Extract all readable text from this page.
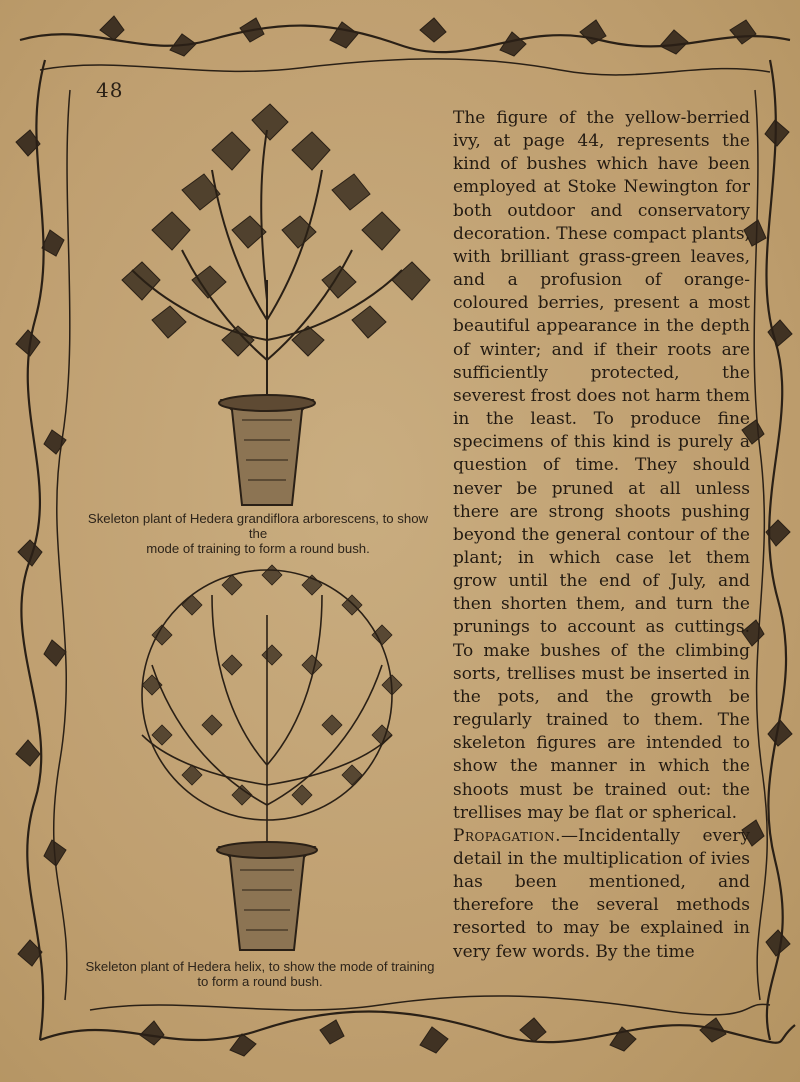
48
Skeleton plant of Hedera grandiflora arborescens, to show the
mode of training to form a round bush.
Skeleton plant of Hedera helix, to show the mode of training
to form a round bush.

The figure of the yellow-berried ivy, at page 44, represents the kind of bushes which have been employed at Stoke Newington for both outdoor and conservatory decoration. These compact plants, with brilliant grass-green leaves, and a profusion of orange-coloured berries, present a most beautiful appearance in the depth of winter; and if their roots are sufficiently protected, the severest frost does not harm them in the least. To produce fine specimens of this kind is purely a question of time. They should never be pruned at all unless there are strong shoots pushing beyond the general contour of the plant; in which case let them grow until the end of July, and then shorten them, and turn the prunings to account as cuttings. To make bushes of the climbing sorts, trellises must be inserted in the pots, and the growth be regularly trained to them. The skeleton figures are intended to show the manner in which the shoots must be trained out: the trellises may be flat or spherical.

Propagation.—Incidentally every detail in the multiplication of ivies has been mentioned, and therefore the several methods resorted to may be explained in very few words. By the time
